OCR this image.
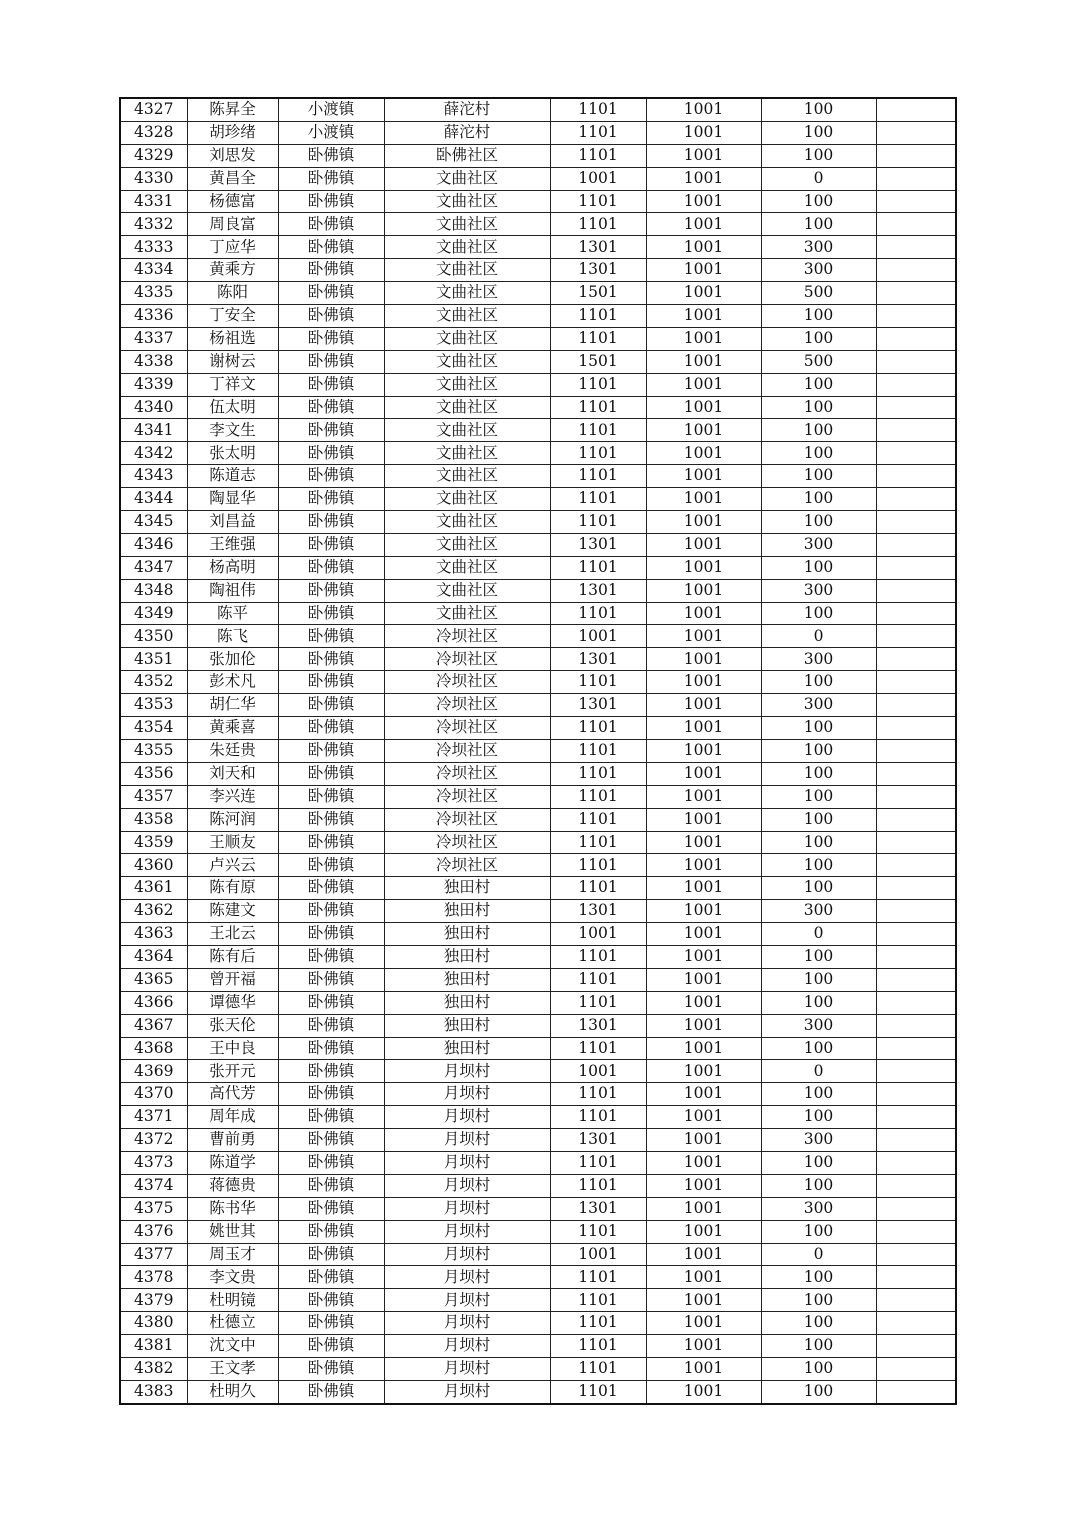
4327	陈昇全	小渡镇	薛沱村	1101	1001	100	
4328	胡珍绪	小渡镇	薛沱村	1101	1001	100	
4329	刘思发	卧佛镇	卧佛社区	1101	1001	100	
4330	黄昌全	卧佛镇	文曲社区	1001	1001	0	
4331	杨德富	卧佛镇	文曲社区	1101	1001	100	
4332	周良富	卧佛镇	文曲社区	1101	1001	100	
4333	丁应华	卧佛镇	文曲社区	1301	1001	300	
4334	黄乘方	卧佛镇	文曲社区	1301	1001	300	
4335	陈阳	卧佛镇	文曲社区	1501	1001	500	
4336	丁安全	卧佛镇	文曲社区	1101	1001	100	
4337	杨祖选	卧佛镇	文曲社区	1101	1001	100	
4338	谢树云	卧佛镇	文曲社区	1501	1001	500	
4339	丁祥文	卧佛镇	文曲社区	1101	1001	100	
4340	伍太明	卧佛镇	文曲社区	1101	1001	100	
4341	李文生	卧佛镇	文曲社区	1101	1001	100	
4342	张太明	卧佛镇	文曲社区	1101	1001	100	
4343	陈道志	卧佛镇	文曲社区	1101	1001	100	
4344	陶显华	卧佛镇	文曲社区	1101	1001	100	
4345	刘昌益	卧佛镇	文曲社区	1101	1001	100	
4346	王维强	卧佛镇	文曲社区	1301	1001	300	
4347	杨高明	卧佛镇	文曲社区	1101	1001	100	
4348	陶祖伟	卧佛镇	文曲社区	1301	1001	300	
4349	陈平	卧佛镇	文曲社区	1101	1001	100	
4350	陈飞	卧佛镇	冷坝社区	1001	1001	0	
4351	张加伦	卧佛镇	冷坝社区	1301	1001	300	
4352	彭术凡	卧佛镇	冷坝社区	1101	1001	100	
4353	胡仁华	卧佛镇	冷坝社区	1301	1001	300	
4354	黄乘喜	卧佛镇	冷坝社区	1101	1001	100	
4355	朱廷贵	卧佛镇	冷坝社区	1101	1001	100	
4356	刘天和	卧佛镇	冷坝社区	1101	1001	100	
4357	李兴连	卧佛镇	冷坝社区	1101	1001	100	
4358	陈河润	卧佛镇	冷坝社区	1101	1001	100	
4359	王顺友	卧佛镇	冷坝社区	1101	1001	100	
4360	卢兴云	卧佛镇	冷坝社区	1101	1001	100	
4361	陈有原	卧佛镇	独田村	1101	1001	100	
4362	陈建文	卧佛镇	独田村	1301	1001	300	
4363	王北云	卧佛镇	独田村	1001	1001	0	
4364	陈有后	卧佛镇	独田村	1101	1001	100	
4365	曾开福	卧佛镇	独田村	1101	1001	100	
4366	谭德华	卧佛镇	独田村	1101	1001	100	
4367	张天伦	卧佛镇	独田村	1301	1001	300	
4368	王中良	卧佛镇	独田村	1101	1001	100	
4369	张开元	卧佛镇	月坝村	1001	1001	0	
4370	高代芳	卧佛镇	月坝村	1101	1001	100	
4371	周年成	卧佛镇	月坝村	1101	1001	100	
4372	曹前勇	卧佛镇	月坝村	1301	1001	300	
4373	陈道学	卧佛镇	月坝村	1101	1001	100	
4374	蒋德贵	卧佛镇	月坝村	1101	1001	100	
4375	陈书华	卧佛镇	月坝村	1301	1001	300	
4376	姚世其	卧佛镇	月坝村	1101	1001	100	
4377	周玉才	卧佛镇	月坝村	1001	1001	0	
4378	李文贵	卧佛镇	月坝村	1101	1001	100	
4379	杜明镜	卧佛镇	月坝村	1101	1001	100	
4380	杜德立	卧佛镇	月坝村	1101	1001	100	
4381	沈文中	卧佛镇	月坝村	1101	1001	100	
4382	王文孝	卧佛镇	月坝村	1101	1001	100	
4383	杜明久	卧佛镇	月坝村	1101	1001	100	
